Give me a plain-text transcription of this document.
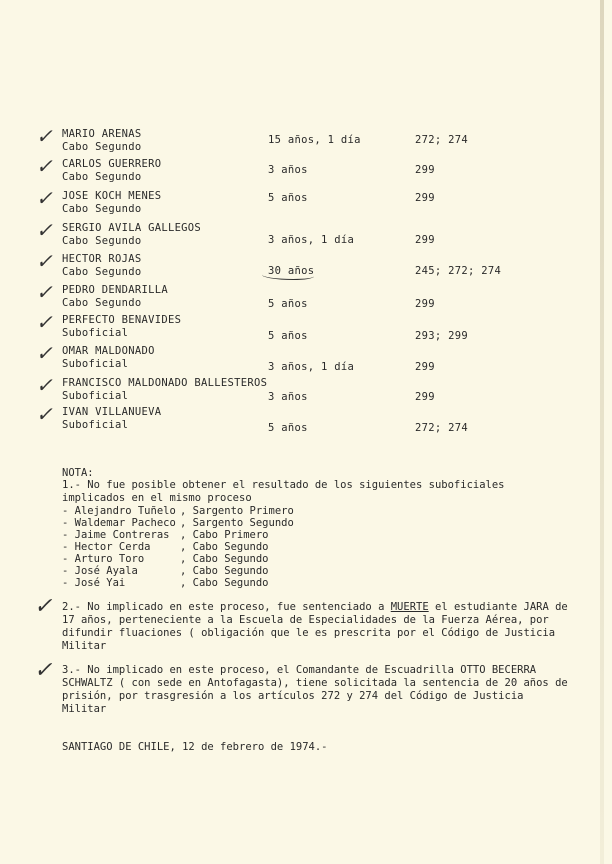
✓ MARIO ARENAS
Cabo Segundo
15 años, 1 día	272; 274
✓ CARLOS GUERRERO
Cabo Segundo
3 años	299
✓ JOSE KOCH MENES
Cabo Segundo
5 años	299
✓ SERGIO AVILA GALLEGOS
Cabo Segundo	3 años, 1 día	299
✓ HECTOR ROJAS
Cabo Segundo	30 años	245; 272; 274
✓ PEDRO DENDARILLA
Cabo Segundo	5 años	299
✓ PERFECTO BENAVIDES
Suboficial	5 años	293; 299
✓ OMAR MALDONADO
Suboficial	3 años, 1 día	299
✓ FRANCISCO MALDONADO BALLESTEROS
Suboficial	3 años	299
✓ IVAN VILLANUEVA
Suboficial	5 años	272; 274
NOTA:
1.- No fue posible obtener el resultado de los siguientes suboficiales implicados en el mismo proceso
- Alejandro Tuñelo , Sargento Primero
- Waldemar Pacheco , Sargento Segundo
- Jaime Contreras , Cabo Primero
- Hector Cerda	, Cabo Segundo
- Arturo Toro	, Cabo Segundo
- José Ayala	, Cabo Segundo
- José Yai	, Cabo Segundo
✓ 2.- No implicado en este proceso, fue sentenciado a MUERTE el estudiante JARA de 17 años, perteneciente a la Escuela de Especialidades de la Fuerza Aérea, por difundir fluaciones ( obligación que le es prescrita por el Código de Justicia Militar
✓ 3.- No implicado en este proceso, el Comandante de Escuadrilla OTTO BECERRA SCHWALTZ ( con sede en Antofagasta), tiene solicitada la sentencia de 20 años de prisión, por trasgresión a los artículos 272 y 274 del Código de Justicia Militar
SANTIAGO DE CHILE, 12 de febrero de 1974.-
